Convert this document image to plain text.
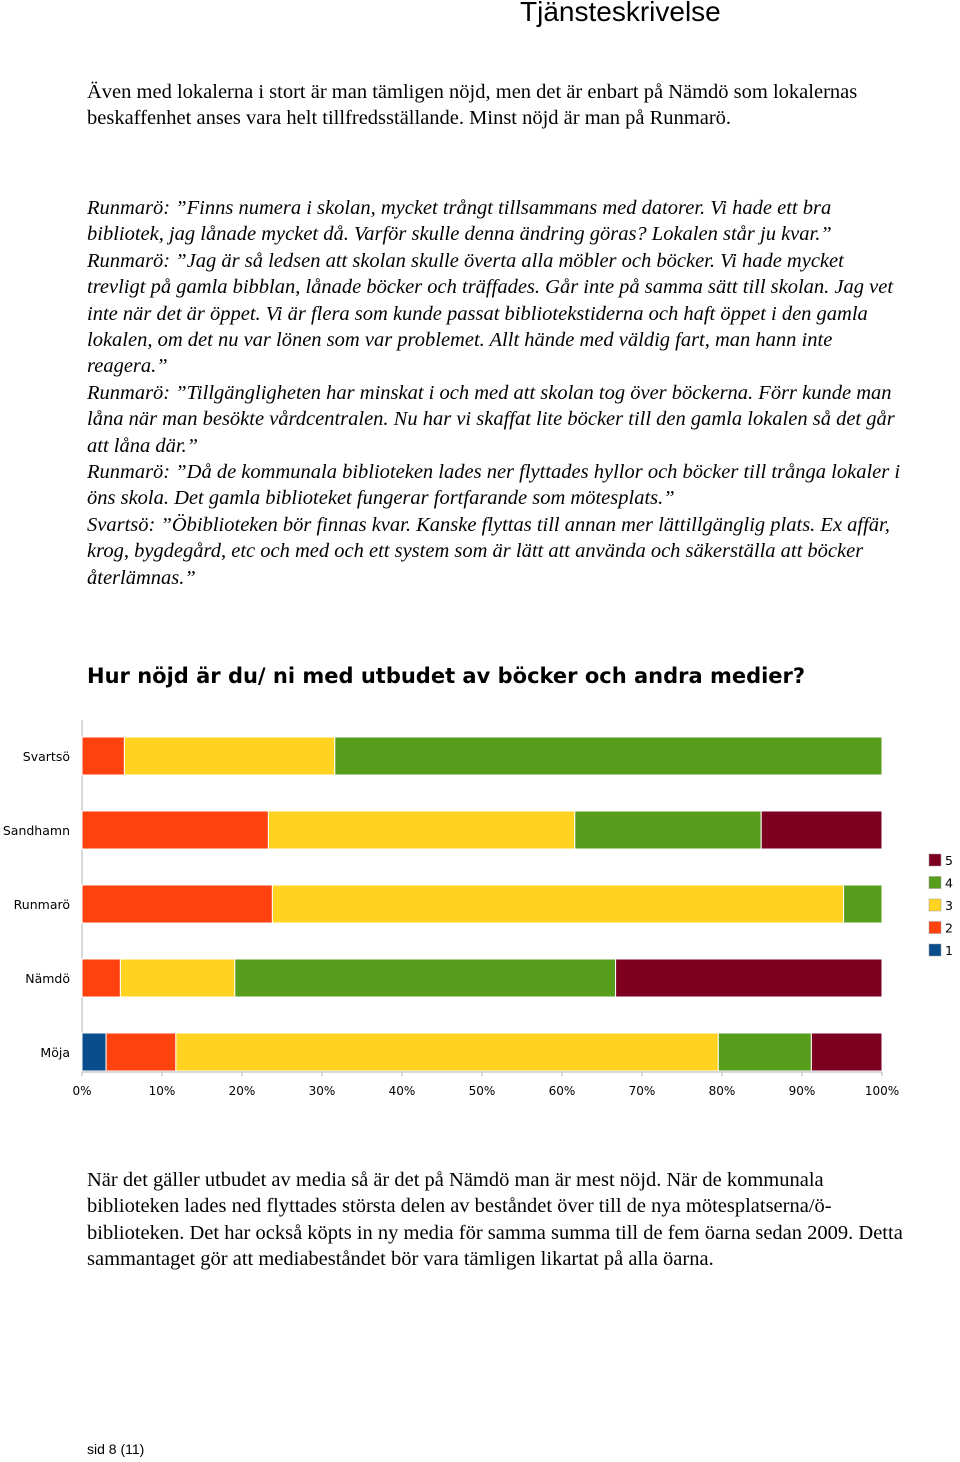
Tjänsteskrivelse
Även med lokalerna i stort är man tämligen nöjd, men det är enbart på Nämdö som lokalernas beskaffenhet anses vara helt tillfredsställande. Minst nöjd är man på Runmarö.

Runmarö: ”Finns numera i skolan, mycket trångt tillsammans med datorer. Vi hade ett bra bibliotek, jag lånade mycket då. Varför skulle denna ändring göras? Lokalen står ju kvar.”

Runmarö: ”Jag är så ledsen att skolan skulle överta alla möbler och böcker. Vi hade mycket trevligt på gamla bibblan, lånade böcker och träffades. Går inte på samma sätt till skolan. Jag vet inte när det är öppet. Vi är flera som kunde passat bibliotekstiderna och haft öppet i den gamla lokalen, om det nu var lönen som var problemet. Allt hände med väldig fart, man hann inte reagera.”

Runmarö: ”Tillgängligheten har minskat i och med att skolan tog över böckerna. Förr kunde man låna när man besökte vårdcentralen. Nu har vi skaffat lite böcker till den gamla lokalen så det går att låna där.”

Runmarö: ”Då de kommunala biblioteken lades ner flyttades hyllor och böcker till trånga lokaler i öns skola. Det gamla biblioteket fungerar fortfarande som mötesplats.”

Svartsö: ”Öbiblioteken bör finnas kvar. Kanske flyttas till annan mer lättillgänglig plats. Ex affär, krog, bygdegård, etc och med och ett system som är lätt att använda och säkerställa att böcker återlämnas.”

Hur nöjd är du/ ni med utbudet av böcker och andra medier?
Svartsö
Sandhamn
Runmarö
Nämdö
Möja
0%	10%	20%	30%	40%	50%	60%	70%	80%	90%	100%
5
4
3
2
1
När det gäller utbudet av media så är det på Nämdö man är mest nöjd. När de kommunala biblioteken lades ned flyttades största delen av beståndet över till de nya mötesplatserna/ö-biblioteken. Det har också köpts in ny media för samma summa till de fem öarna sedan 2009. Detta sammantaget gör att mediabeståndet bör vara tämligen likartat på alla öarna.
sid 8 (11)
